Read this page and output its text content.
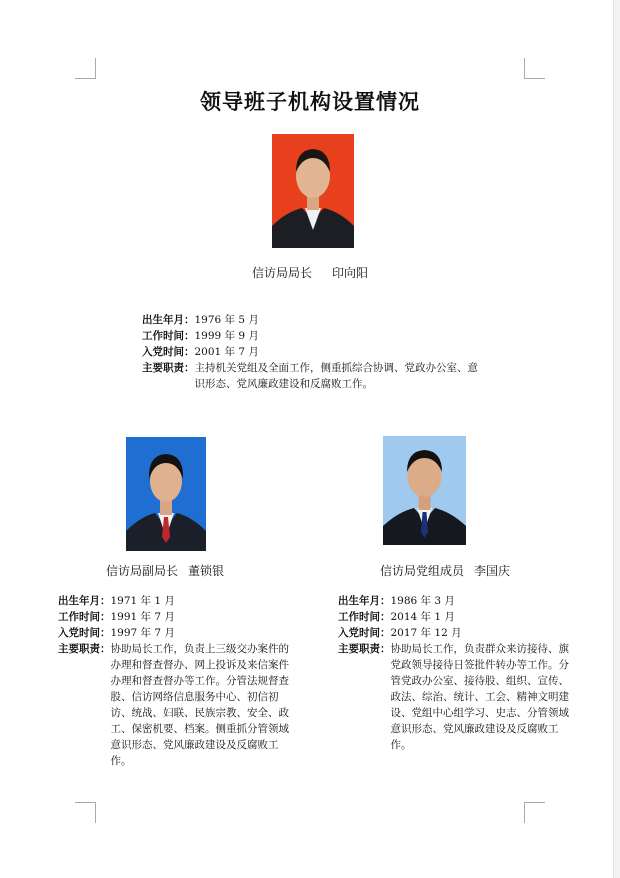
领导班子机构设置情况
信访局局长 印向阳
出生年月： 1976 年 5 月
工作时间： 1999 年 9 月
入党时间： 2001 年 7 月
主要职责： 主持机关党组及全面工作，侧重抓综合协调、党政办公室、意识形态、党风廉政建设和反腐败工作。
信访局副局长 董锁银
出生年月： 1971 年 1 月
工作时间： 1991 年 7 月
入党时间： 1997 年 7 月
主要职责： 协助局长工作，负责上三级交办案件的办理和督查督办、网上投诉及来信案件办理和督查督办等工作。分管法规督查股、信访网络信息服务中心、初信初访、统战、妇联、民族宗教、安全、政工、保密机要、档案。侧重抓分管领域意识形态、党风廉政建设及反腐败工作。
信访局党组成员 李国庆
出生年月： 1986 年 3 月
工作时间： 2014 年 1 月
入党时间： 2017 年 12 月
主要职责： 协助局长工作，负责群众来访接待、旗党政领导接待日签批件转办等工作。分管党政办公室、接待股、组织、宣传、政法、综治、统计、工会、精神文明建设、党组中心组学习、史志、分管领域意识形态、党风廉政建设及反腐败工作。
